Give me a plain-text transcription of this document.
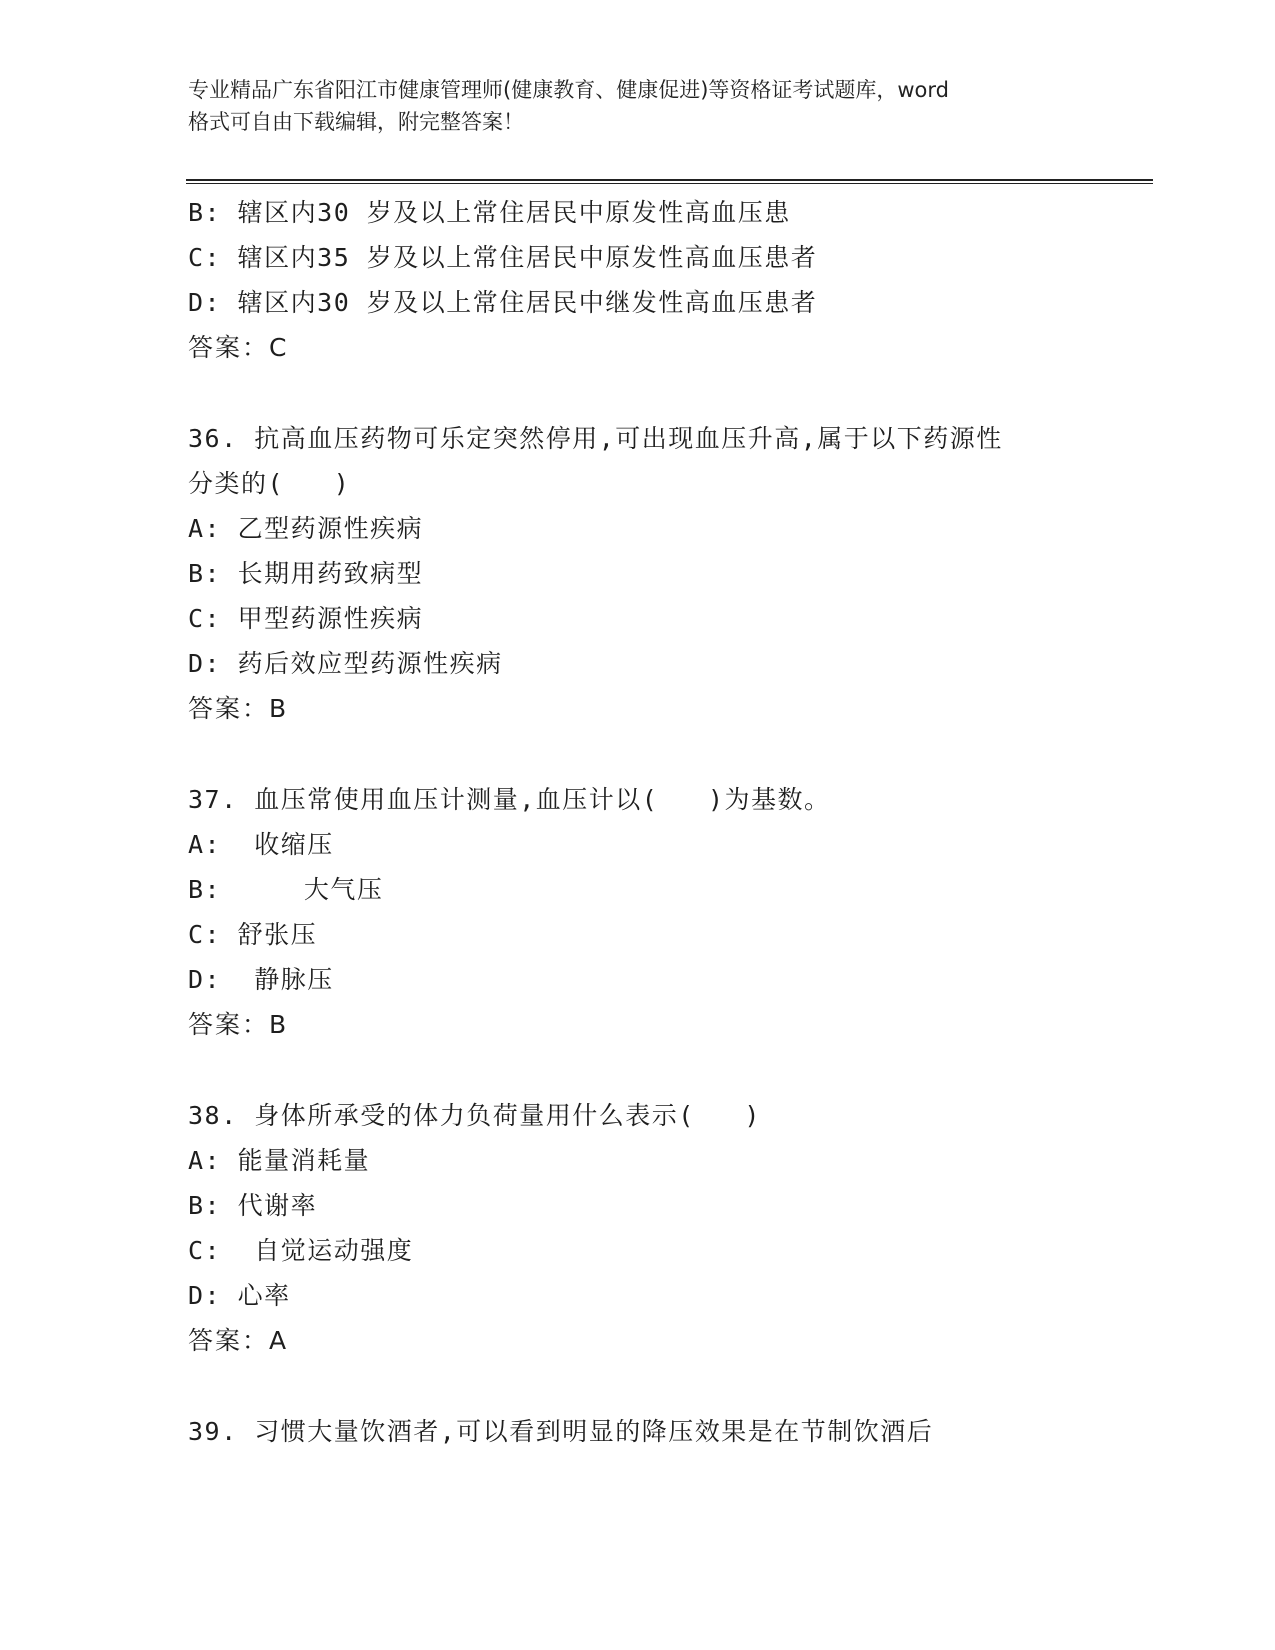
专业精品广东省阳江市健康管理师(健康教育、健康促进)等资格证考试题库，word
格式可自由下载编辑，附完整答案！
B: 辖区内30 岁及以上常住居民中原发性高血压患
C: 辖区内35 岁及以上常住居民中原发性高血压患者
D: 辖区内30 岁及以上常住居民中继发性高血压患者
答案：C
36. 抗高血压药物可乐定突然停用,可出现血压升高,属于以下药源性
分类的(   )
A: 乙型药源性疾病
B: 长期用药致病型
C: 甲型药源性疾病
D: 药后效应型药源性疾病
答案：B
37. 血压常使用血压计测量,血压计以(   )为基数。
A:  收缩压
B:     大气压
C: 舒张压
D:  静脉压
答案：B
38. 身体所承受的体力负荷量用什么表示(   )
A: 能量消耗量
B: 代谢率
C:  自觉运动强度
D: 心率
答案：A
39. 习惯大量饮酒者,可以看到明显的降压效果是在节制饮酒后
